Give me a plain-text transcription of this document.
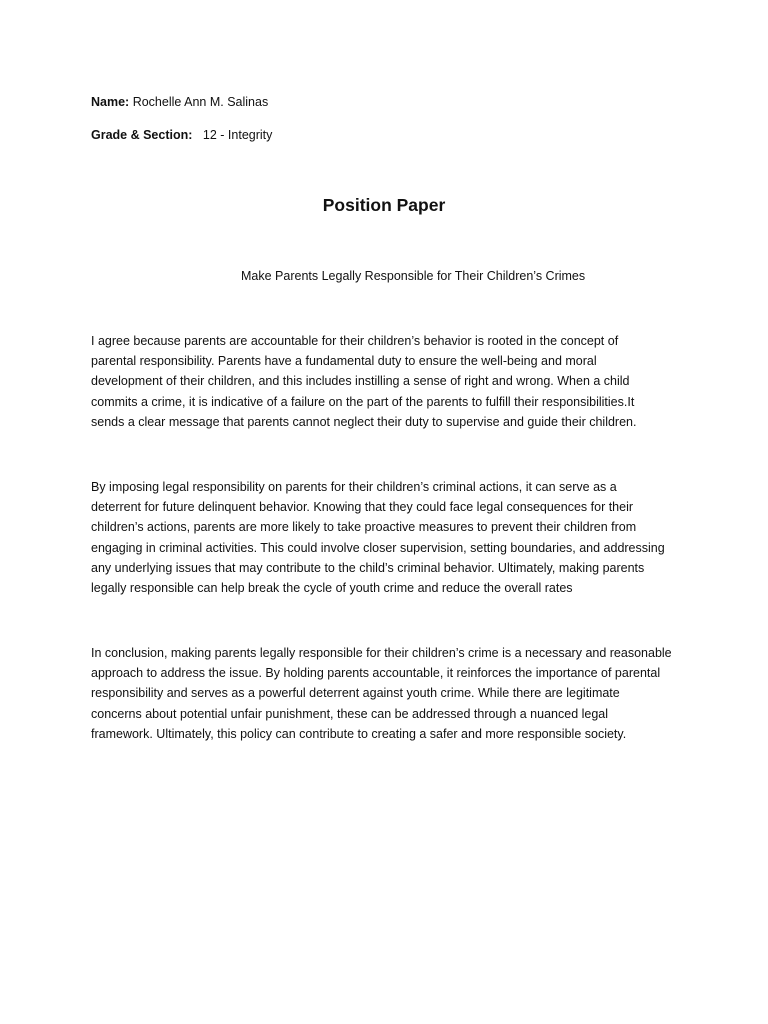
Name: Rochelle Ann M. Salinas
Grade & Section: 12 - Integrity
Position Paper
Make Parents Legally Responsible for Their Children’s Crimes

I agree because parents are accountable for their children’s behavior is rooted in the concept of
parental responsibility. Parents have a fundamental duty to ensure the well-being and moral
development of their children, and this includes instilling a sense of right and wrong. When a child
commits a crime, it is indicative of a failure on the part of the parents to fulfill their responsibilities.It
sends a clear message that parents cannot neglect their duty to supervise and guide their children.

By imposing legal responsibility on parents for their children’s criminal actions, it can serve as a
deterrent for future delinquent behavior. Knowing that they could face legal consequences for their
children’s actions, parents are more likely to take proactive measures to prevent their children from
engaging in criminal activities. This could involve closer supervision, setting boundaries, and addressing
any underlying issues that may contribute to the child’s criminal behavior. Ultimately, making parents
legally responsible can help break the cycle of youth crime and reduce the overall rates

In conclusion, making parents legally responsible for their children’s crime is a necessary and reasonable
approach to address the issue. By holding parents accountable, it reinforces the importance of parental
responsibility and serves as a powerful deterrent against youth crime. While there are legitimate
concerns about potential unfair punishment, these can be addressed through a nuanced legal
framework. Ultimately, this policy can contribute to creating a safer and more responsible society.
